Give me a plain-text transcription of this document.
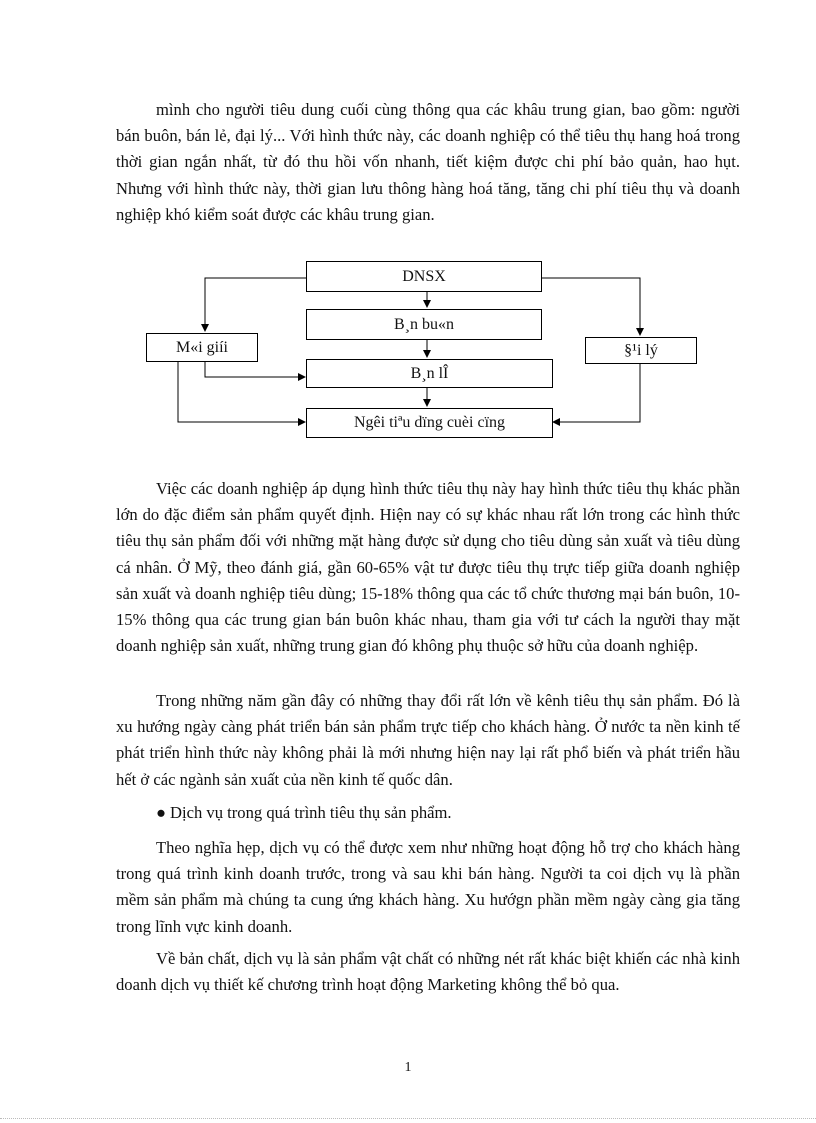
mình cho người tiêu dung cuối cùng thông qua các khâu trung gian, bao gồm: người bán buôn, bán lẻ, đại lý... Với hình thức này, các doanh nghiệp có thể tiêu thụ hang hoá trong thời gian ngắn nhất, từ đó thu hồi vốn nhanh, tiết kiệm được chi phí bảo quản, hao hụt. Nhưng với hình thức này, thời gian lưu thông hàng hoá tăng, tăng chi phí tiêu thụ và doanh nghiệp khó kiểm soát được các khâu trung gian.

DNSX
B¸n bu«n
M«i giíi	§¹i lý
B¸n lÎ
Ngêi tiªu dïng cuèi cïng

Việc các doanh nghiệp áp dụng hình thức tiêu thụ này hay hình thức tiêu thụ khác phần lớn do đặc điểm sản phẩm quyết định. Hiện nay có sự khác nhau rất lớn trong các hình thức tiêu thụ sản phẩm đối với những mặt hàng được sử dụng cho tiêu dùng sản xuất và tiêu dùng cá nhân. Ở Mỹ, theo đánh giá, gần 60-65% vật tư được tiêu thụ trực tiếp giữa doanh nghiệp sản xuất và doanh nghiệp tiêu dùng; 15-18% thông qua các tổ chức thương mại bán buôn, 10-15% thông qua các trung gian bán buôn khác nhau, tham gia với tư cách la người thay mặt doanh nghiệp sản xuất, những trung gian đó không phụ thuộc sở hữu của doanh nghiệp.

Trong những năm gần đây có những thay đổi rất lớn về kênh tiêu thụ sản phẩm. Đó là xu hướng ngày càng phát triển bán sản phẩm trực tiếp cho khách hàng. Ở nước ta nền kinh tế phát triển hình thức này không phải là mới nhưng hiện nay lại rất phổ biến và phát triển hầu hết ở các ngành sản xuất của nền kinh tế quốc dân.

● Dịch vụ trong quá trình tiêu thụ sản phẩm.

Theo nghĩa hẹp, dịch vụ có thể được xem như những hoạt động hỗ trợ cho khách hàng trong quá trình kinh doanh trước, trong và sau khi bán hàng. Người ta coi dịch vụ là phần mềm sản phẩm mà chúng ta cung ứng khách hàng. Xu hướgn phần mềm ngày càng gia tăng trong lĩnh vực kinh doanh.

Về bản chất, dịch vụ là sản phẩm vật chất có những nét rất khác biệt khiến các nhà kinh doanh dịch vụ thiết kế chương trình hoạt động Marketing không thể bỏ qua.

1
